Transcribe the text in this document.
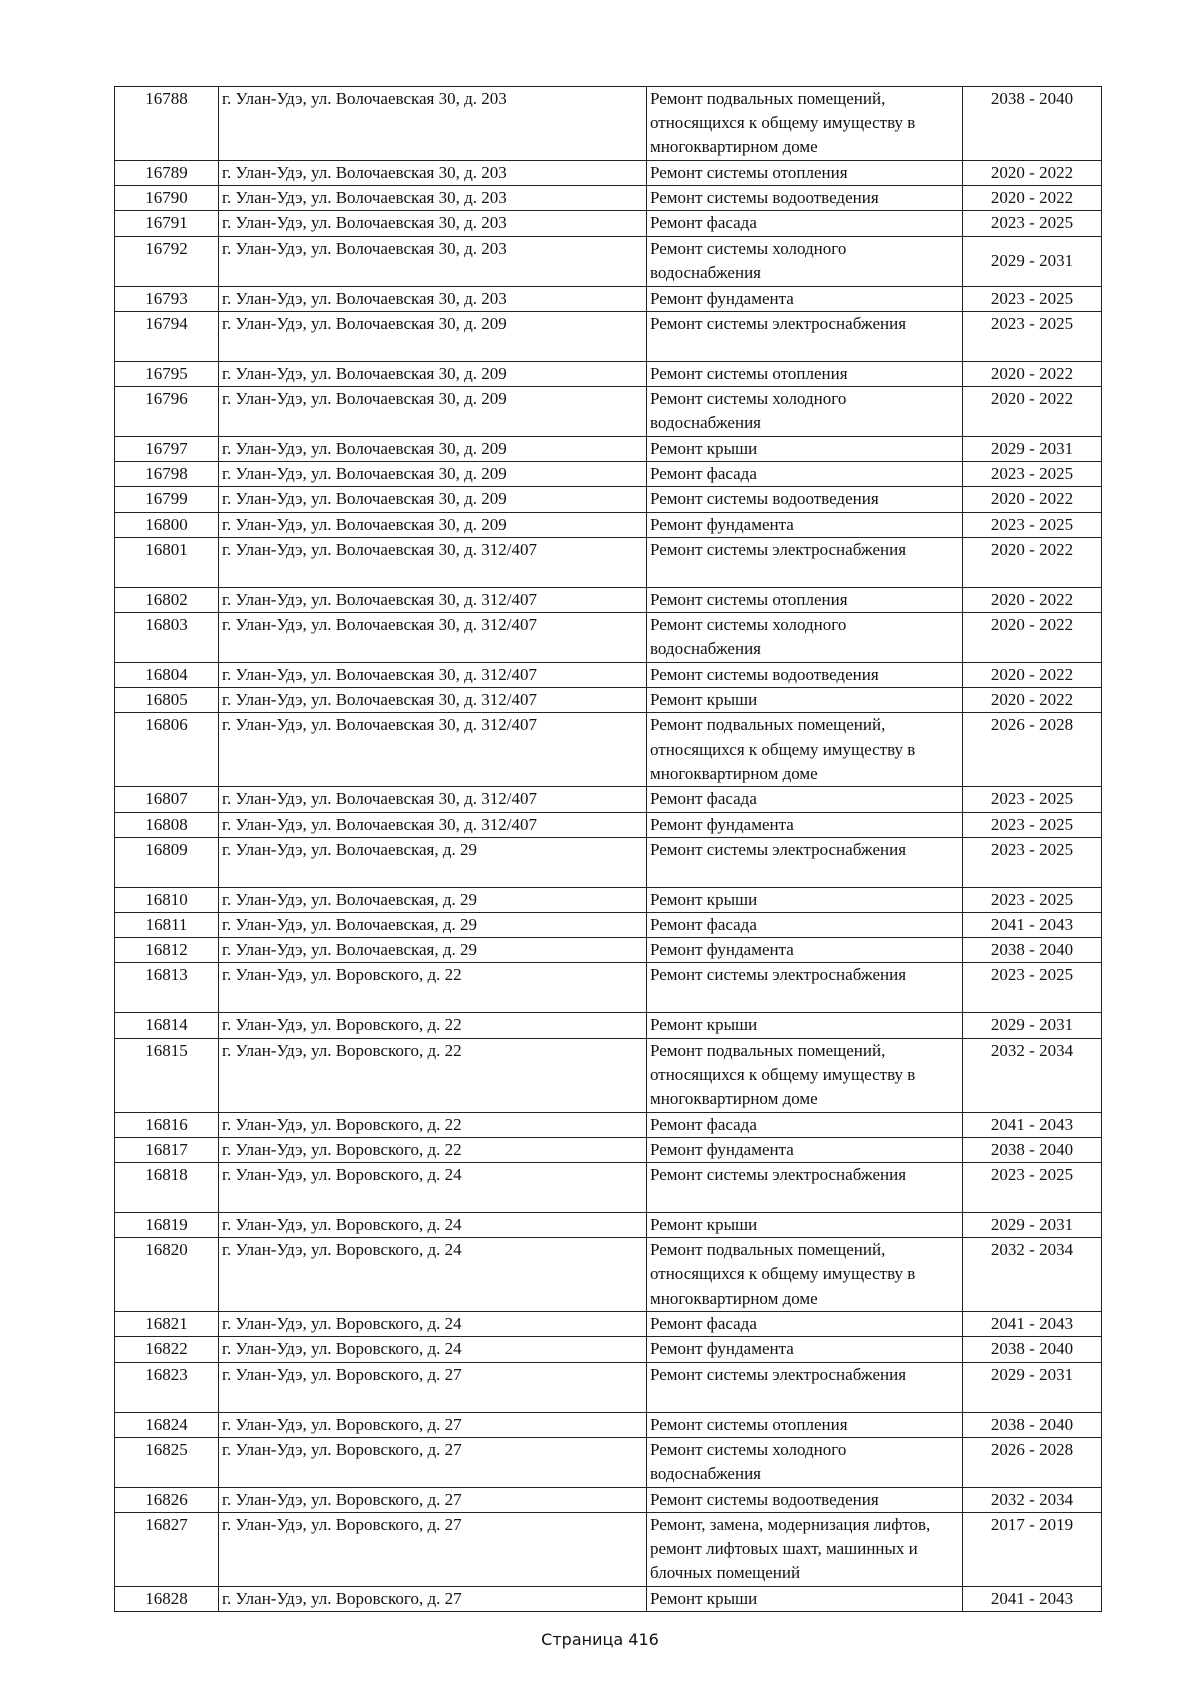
16788	г. Улан-Удэ, ул. Волочаевская 30, д. 203	Ремонт подвальных помещений, относящихся к общему имуществу в многоквартирном доме	2038 - 2040
16789	г. Улан-Удэ, ул. Волочаевская 30, д. 203	Ремонт системы отопления	2020 - 2022
16790	г. Улан-Удэ, ул. Волочаевская 30, д. 203	Ремонт системы водоотведения	2020 - 2022
16791	г. Улан-Удэ, ул. Волочаевская 30, д. 203	Ремонт фасада	2023 - 2025
16792	г. Улан-Удэ, ул. Волочаевская 30, д. 203	Ремонт системы холодного водоснабжения	2029 - 2031
16793	г. Улан-Удэ, ул. Волочаевская 30, д. 203	Ремонт фундамента	2023 - 2025
16794	г. Улан-Удэ, ул. Волочаевская 30, д. 209	Ремонт системы электроснабжения	2023 - 2025
16795	г. Улан-Удэ, ул. Волочаевская 30, д. 209	Ремонт системы отопления	2020 - 2022
16796	г. Улан-Удэ, ул. Волочаевская 30, д. 209	Ремонт системы холодного водоснабжения	2020 - 2022
16797	г. Улан-Удэ, ул. Волочаевская 30, д. 209	Ремонт крыши	2029 - 2031
16798	г. Улан-Удэ, ул. Волочаевская 30, д. 209	Ремонт фасада	2023 - 2025
16799	г. Улан-Удэ, ул. Волочаевская 30, д. 209	Ремонт системы водоотведения	2020 - 2022
16800	г. Улан-Удэ, ул. Волочаевская 30, д. 209	Ремонт фундамента	2023 - 2025
16801	г. Улан-Удэ, ул. Волочаевская 30, д. 312/407	Ремонт системы электроснабжения	2020 - 2022
16802	г. Улан-Удэ, ул. Волочаевская 30, д. 312/407	Ремонт системы отопления	2020 - 2022
16803	г. Улан-Удэ, ул. Волочаевская 30, д. 312/407	Ремонт системы холодного водоснабжения	2020 - 2022
16804	г. Улан-Удэ, ул. Волочаевская 30, д. 312/407	Ремонт системы водоотведения	2020 - 2022
16805	г. Улан-Удэ, ул. Волочаевская 30, д. 312/407	Ремонт крыши	2020 - 2022
16806	г. Улан-Удэ, ул. Волочаевская 30, д. 312/407	Ремонт подвальных помещений, относящихся к общему имуществу в многоквартирном доме	2026 - 2028
16807	г. Улан-Удэ, ул. Волочаевская 30, д. 312/407	Ремонт фасада	2023 - 2025
16808	г. Улан-Удэ, ул. Волочаевская 30, д. 312/407	Ремонт фундамента	2023 - 2025
16809	г. Улан-Удэ, ул. Волочаевская, д. 29	Ремонт системы электроснабжения	2023 - 2025
16810	г. Улан-Удэ, ул. Волочаевская, д. 29	Ремонт крыши	2023 - 2025
16811	г. Улан-Удэ, ул. Волочаевская, д. 29	Ремонт фасада	2041 - 2043
16812	г. Улан-Удэ, ул. Волочаевская, д. 29	Ремонт фундамента	2038 - 2040
16813	г. Улан-Удэ, ул. Воровского, д. 22	Ремонт системы электроснабжения	2023 - 2025
16814	г. Улан-Удэ, ул. Воровского, д. 22	Ремонт крыши	2029 - 2031
16815	г. Улан-Удэ, ул. Воровского, д. 22	Ремонт подвальных помещений, относящихся к общему имуществу в многоквартирном доме	2032 - 2034
16816	г. Улан-Удэ, ул. Воровского, д. 22	Ремонт фасада	2041 - 2043
16817	г. Улан-Удэ, ул. Воровского, д. 22	Ремонт фундамента	2038 - 2040
16818	г. Улан-Удэ, ул. Воровского, д. 24	Ремонт системы электроснабжения	2023 - 2025
16819	г. Улан-Удэ, ул. Воровского, д. 24	Ремонт крыши	2029 - 2031
16820	г. Улан-Удэ, ул. Воровского, д. 24	Ремонт подвальных помещений, относящихся к общему имуществу в многоквартирном доме	2032 - 2034
16821	г. Улан-Удэ, ул. Воровского, д. 24	Ремонт фасада	2041 - 2043
16822	г. Улан-Удэ, ул. Воровского, д. 24	Ремонт фундамента	2038 - 2040
16823	г. Улан-Удэ, ул. Воровского, д. 27	Ремонт системы электроснабжения	2029 - 2031
16824	г. Улан-Удэ, ул. Воровского, д. 27	Ремонт системы отопления	2038 - 2040
16825	г. Улан-Удэ, ул. Воровского, д. 27	Ремонт системы холодного водоснабжения	2026 - 2028
16826	г. Улан-Удэ, ул. Воровского, д. 27	Ремонт системы водоотведения	2032 - 2034
16827	г. Улан-Удэ, ул. Воровского, д. 27	Ремонт, замена, модернизация лифтов, ремонт лифтовых шахт, машинных и блочных помещений	2017 - 2019
16828	г. Улан-Удэ, ул. Воровского, д. 27	Ремонт крыши	2041 - 2043
Страница 416
